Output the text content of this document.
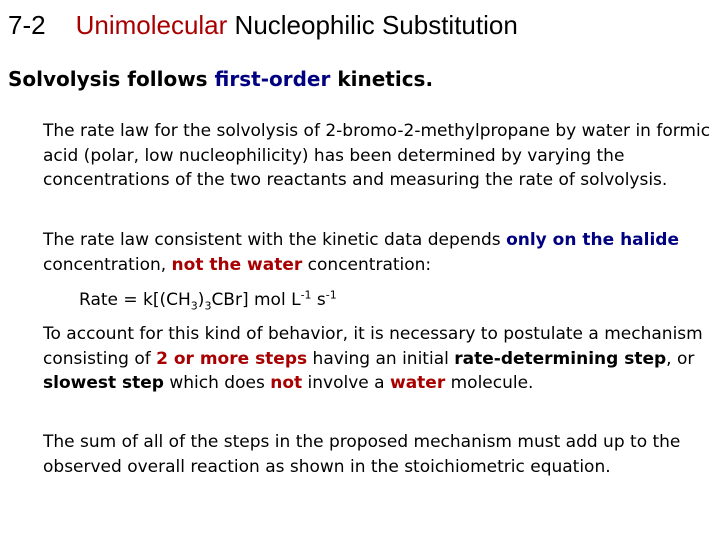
7-2 Unimolecular Nucleophilic Substitution
Solvolysis follows first-order kinetics.
The rate law for the solvolysis of 2-bromo-2-methylpropane by water in formic acid (polar, low nucleophilicity) has been determined by varying the concentrations of the two reactants and measuring the rate of solvolysis.
The rate law consistent with the kinetic data depends only on the halide concentration, not the water concentration:
Rate = $k[(CH_3)_3CBr]$ mol $L^{-1}$ $s^{-1}$
To account for this kind of behavior, it is necessary to postulate a mechanism consisting of 2 or more steps having an initial rate-determining step, or slowest step which does not involve a water molecule.
The sum of all of the steps in the proposed mechanism must add up to the observed overall reaction as shown in the stoichiometric equation.
